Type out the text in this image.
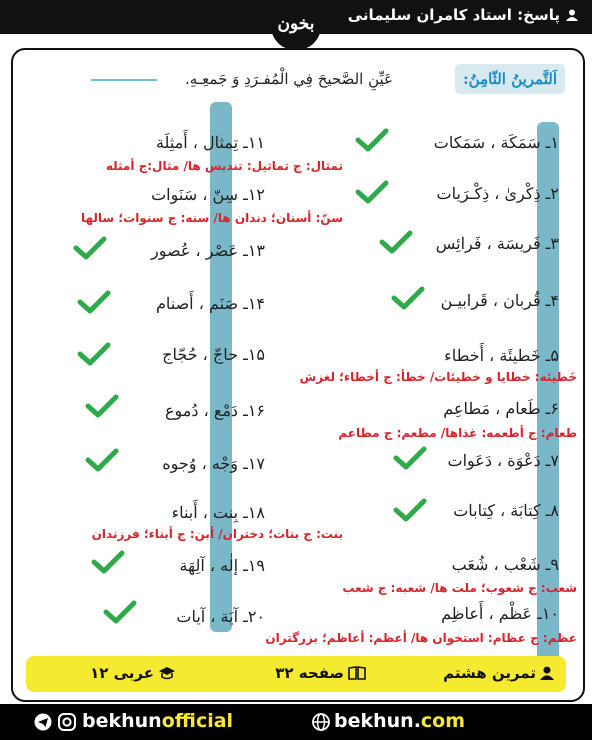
پاسخ: استاد کامران سلیمانی
بخون
اَلتَّمرينُ الثّامِنُ:
عَيِّنِ الصَّحيحَ فِي الْمُفـرَدِ وَ جَمعِـهِ.
۱ـ سَمَكَة ، سَمَكات
۲ـ ذِكْرىٰ ، ذِكْـرَيات
۳ـ فَريسَة ، فَرائِس
۴ـ قُربان ، قَرابيـن
۵ـ خَطيئَة ، أَخطاء
۶ـ طَعام ، مَطاعِم
۷ـ دَعْوَة ، دَعَوات
۸ـ كِتابَة ، كِتابات
۹ـ شَعْب ، شُعَب
۱۰ـ عَظْم ، أَعاظِم
۱۱ـ تِمثال ، أَمثِلَة
۱۲ـ سِنّ ، سَنَوات
۱۳ـ عَصْر ، عُصور
۱۴ـ صَنَم ، أَصنام
۱۵ـ حاجّ ، حُجّاج
۱۶ـ دَمْع ، دُموع
۱۷ـ وَجْه ، وُجوه
۱۸ـ بِنت ، أَبناء
۱۹ـ إلٰه ، آلِهَة
۲۰ـ آيَة ، آيات
تمثال: ج تماثیل: تندیس ها/ مثال:ج أمثله
سنّ: أسنان؛ دندان ها/ سنه: ج سنوات؛ سالها
خَطیئه: خطایا و خطیئات/ خطأ: ج أخطاء؛ لغزش
طعام: ج أطعمه: غذاها/ مطعم: ج مطاعم
بنت: ج بنات؛ دختران/ أبن: ج أبناء؛ فرزندان
شعب: ج شعوب؛ ملت ها/ شعبه: ج شعب
عظم: ج عظام: استخوان ها/ أعظم: أعاظم؛ بزرگتران
تمرین هشتم
صفحه ۳۲
عربی ۱۲
bekhunofficial	bekhun.com
